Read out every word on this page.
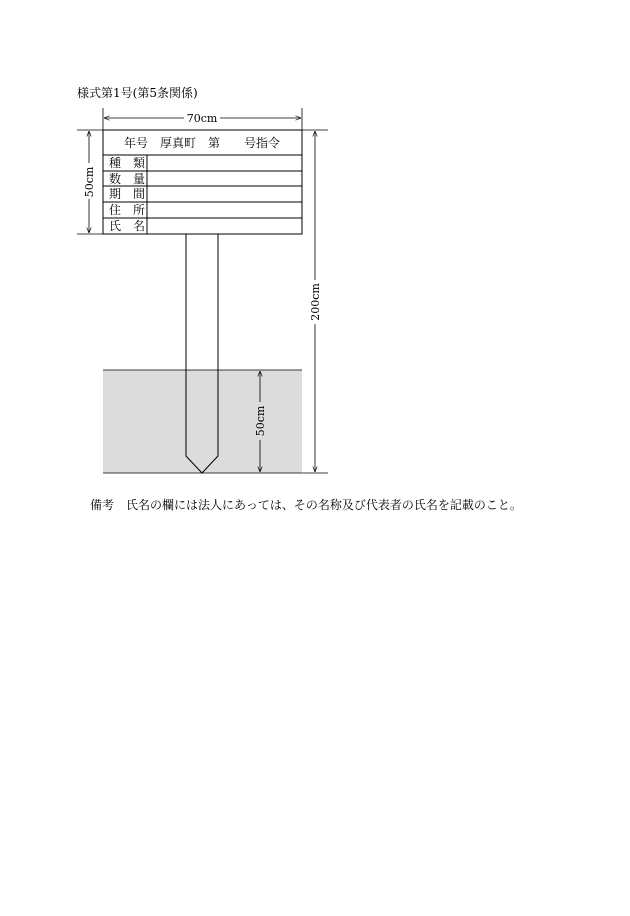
様式第1号(第5条関係)
年号　厚真町　第　　号指令
種　類
数　量
期　間
住　所
氏　名
70cm
50cm
200cm
50cm
備考 氏名の欄には法人にあっては、その名称及び代表者の氏名を記載のこと。
